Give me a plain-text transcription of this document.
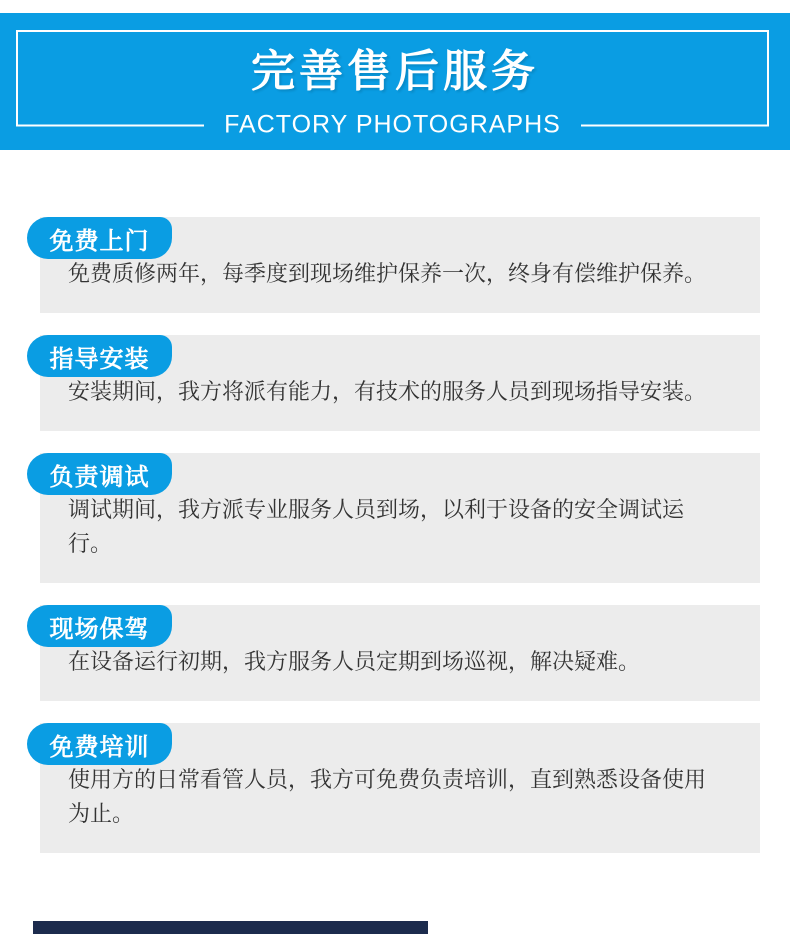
完善售后服务
FACTORY PHOTOGRAPHS
免费上门
免费质修两年，每季度到现场维护保养一次，终身有偿维护保养。
指导安装
安装期间，我方将派有能力，有技术的服务人员到现场指导安装。
负责调试
调试期间，我方派专业服务人员到场，以利于设备的安全调试运行。
现场保驾
在设备运行初期，我方服务人员定期到场巡视，解决疑难。
免费培训
使用方的日常看管人员，我方可免费负责培训，直到熟悉设备使用为止。
